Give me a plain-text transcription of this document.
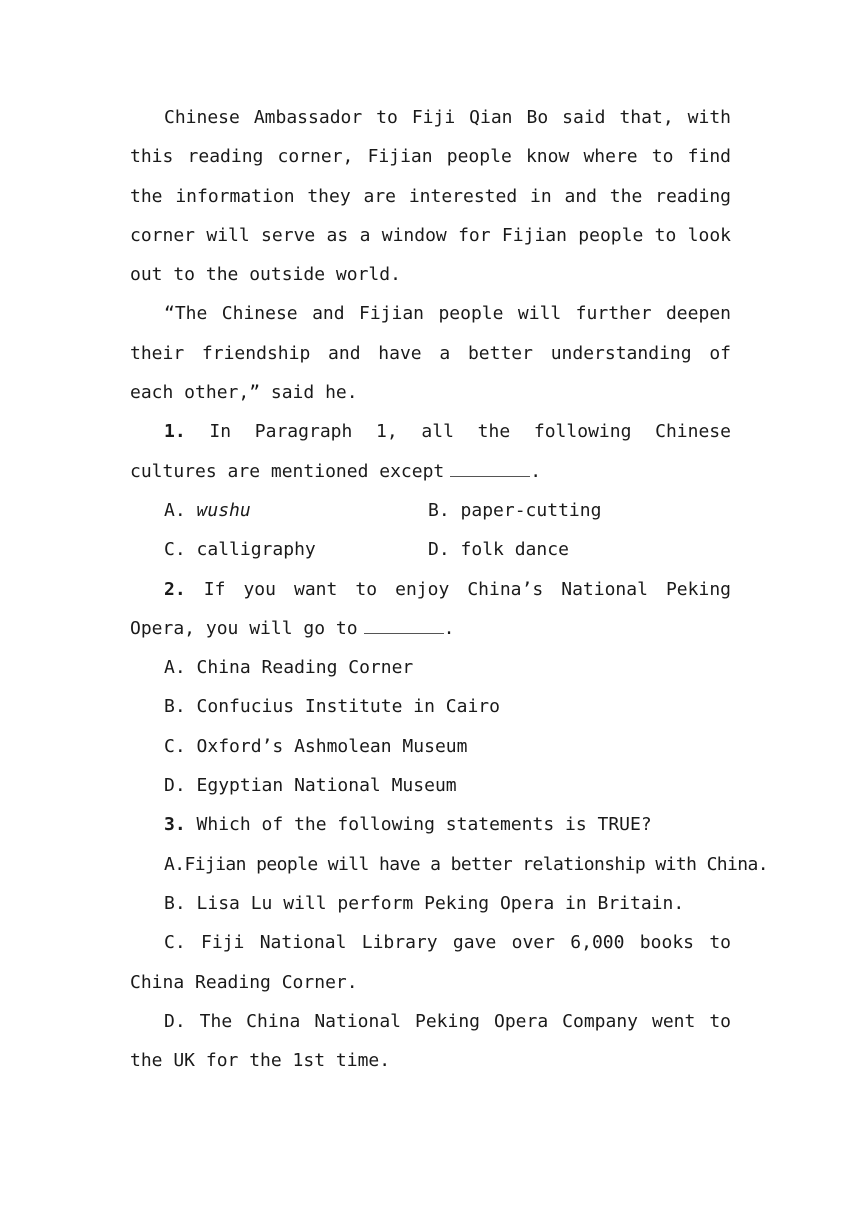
Chinese Ambassador to Fiji Qian Bo said that, with this reading corner, Fijian people know where to find the information they are interested in and the reading corner will serve as a window for Fijian people to look out to the outside world.

“The Chinese and Fijian people will further deepen their friendship and have a better understanding of each other,” said he.

1. In Paragraph 1, all the following Chinese cultures are mentioned except	.

A. wushu	B. paper-cutting
C. calligraphy	D. folk dance

2. If you want to enjoy China’s National Peking Opera, you will go to	.

A. China Reading Corner

B. Confucius Institute in Cairo

C. Oxford’s Ashmolean Museum

D. Egyptian National Museum

3. Which of the following statements is TRUE?

A.Fijian people will have a better relationship with China.

B. Lisa Lu will perform Peking Opera in Britain.

C. Fiji National Library gave over 6,000 books to China Reading Corner.

D. The China National Peking Opera Company went to the UK for the 1st time.
